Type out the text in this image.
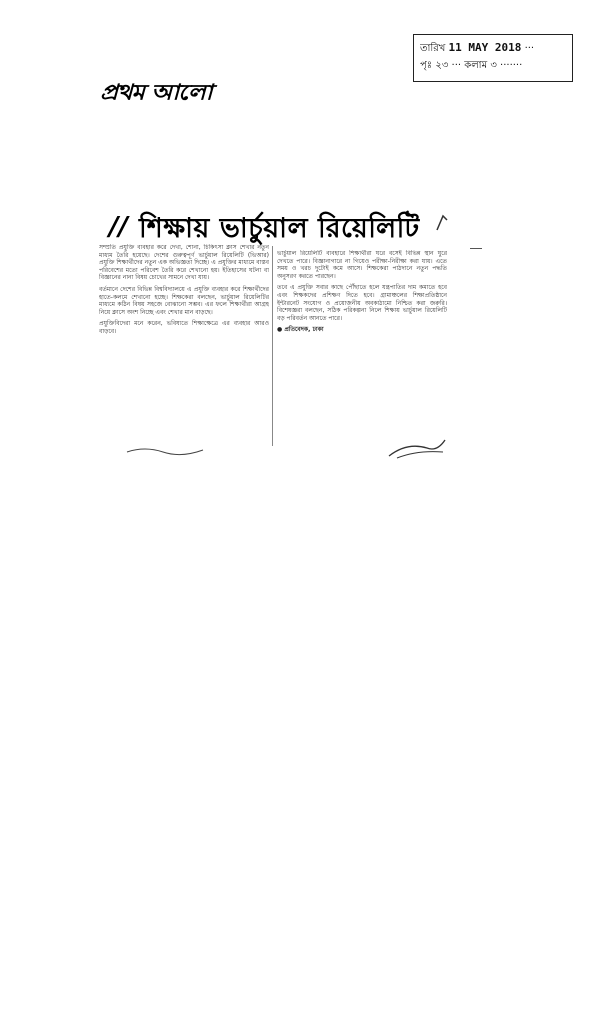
তারিখ 11 MAY 2018 ···
পৃঃ ২৩ ··· কলাম ৩ ·······
প্রথম আলো
// শিক্ষায় ভার্চুয়াল রিয়েলিটি
সম্প্রতি প্রযুক্তি ব্যবহার করে দেখা, শোনা, চিকিৎসা ক্লাস শেখার নতুন মাধ্যম তৈরি হয়েছে। দেশের গুরুত্বপূর্ণ ভার্চুয়াল রিয়েলিটি (ভিআর) প্রযুক্তি শিক্ষার্থীদের নতুন এক অভিজ্ঞতা দিচ্ছে। এ প্রযুক্তির মাধ্যমে বাস্তব পরিবেশের মতো পরিবেশ তৈরি করে শেখানো হয়। ইতিহাসের ঘটনা বা বিজ্ঞানের নানা বিষয় চোখের সামনে দেখা যায়।
বর্তমানে দেশের বিভিন্ন বিশ্ববিদ্যালয়ে এ প্রযুক্তি ব্যবহার করে শিক্ষার্থীদের হাতে-কলমে শেখানো হচ্ছে। শিক্ষকেরা বলছেন, ভার্চুয়াল রিয়েলিটির মাধ্যমে কঠিন বিষয় সহজে বোঝানো সম্ভব। এর ফলে শিক্ষার্থীরা আগ্রহ নিয়ে ক্লাসে অংশ নিচ্ছে এবং শেখার মান বাড়ছে।
প্রযুক্তিবিদেরা মনে করেন, ভবিষ্যতে শিক্ষাক্ষেত্রে এর ব্যবহার আরও বাড়বে।
ভার্চুয়াল রিয়েলিটি ব্যবহারে শিক্ষার্থীরা ঘরে বসেই বিভিন্ন স্থান ঘুরে দেখতে পারে। বিজ্ঞানাগারে না গিয়েও পরীক্ষা-নিরীক্ষা করা যায়। এতে সময় ও খরচ দুটোই কমে আসে। শিক্ষকেরা পাঠদানে নতুন পদ্ধতি অনুসরণ করতে পারছেন।
তবে এ প্রযুক্তি সবার কাছে পৌঁছাতে হলে যন্ত্রপাতির দাম কমাতে হবে এবং শিক্ষকদের প্রশিক্ষণ দিতে হবে। গ্রামাঞ্চলের শিক্ষাপ্রতিষ্ঠানে ইন্টারনেট সংযোগ ও প্রয়োজনীয় অবকাঠামো নিশ্চিত করা জরুরি। বিশেষজ্ঞরা বলছেন, সঠিক পরিকল্পনা নিলে শিক্ষায় ভার্চুয়াল রিয়েলিটি বড় পরিবর্তন আনতে পারে।
● প্রতিবেদক, ঢাকা
